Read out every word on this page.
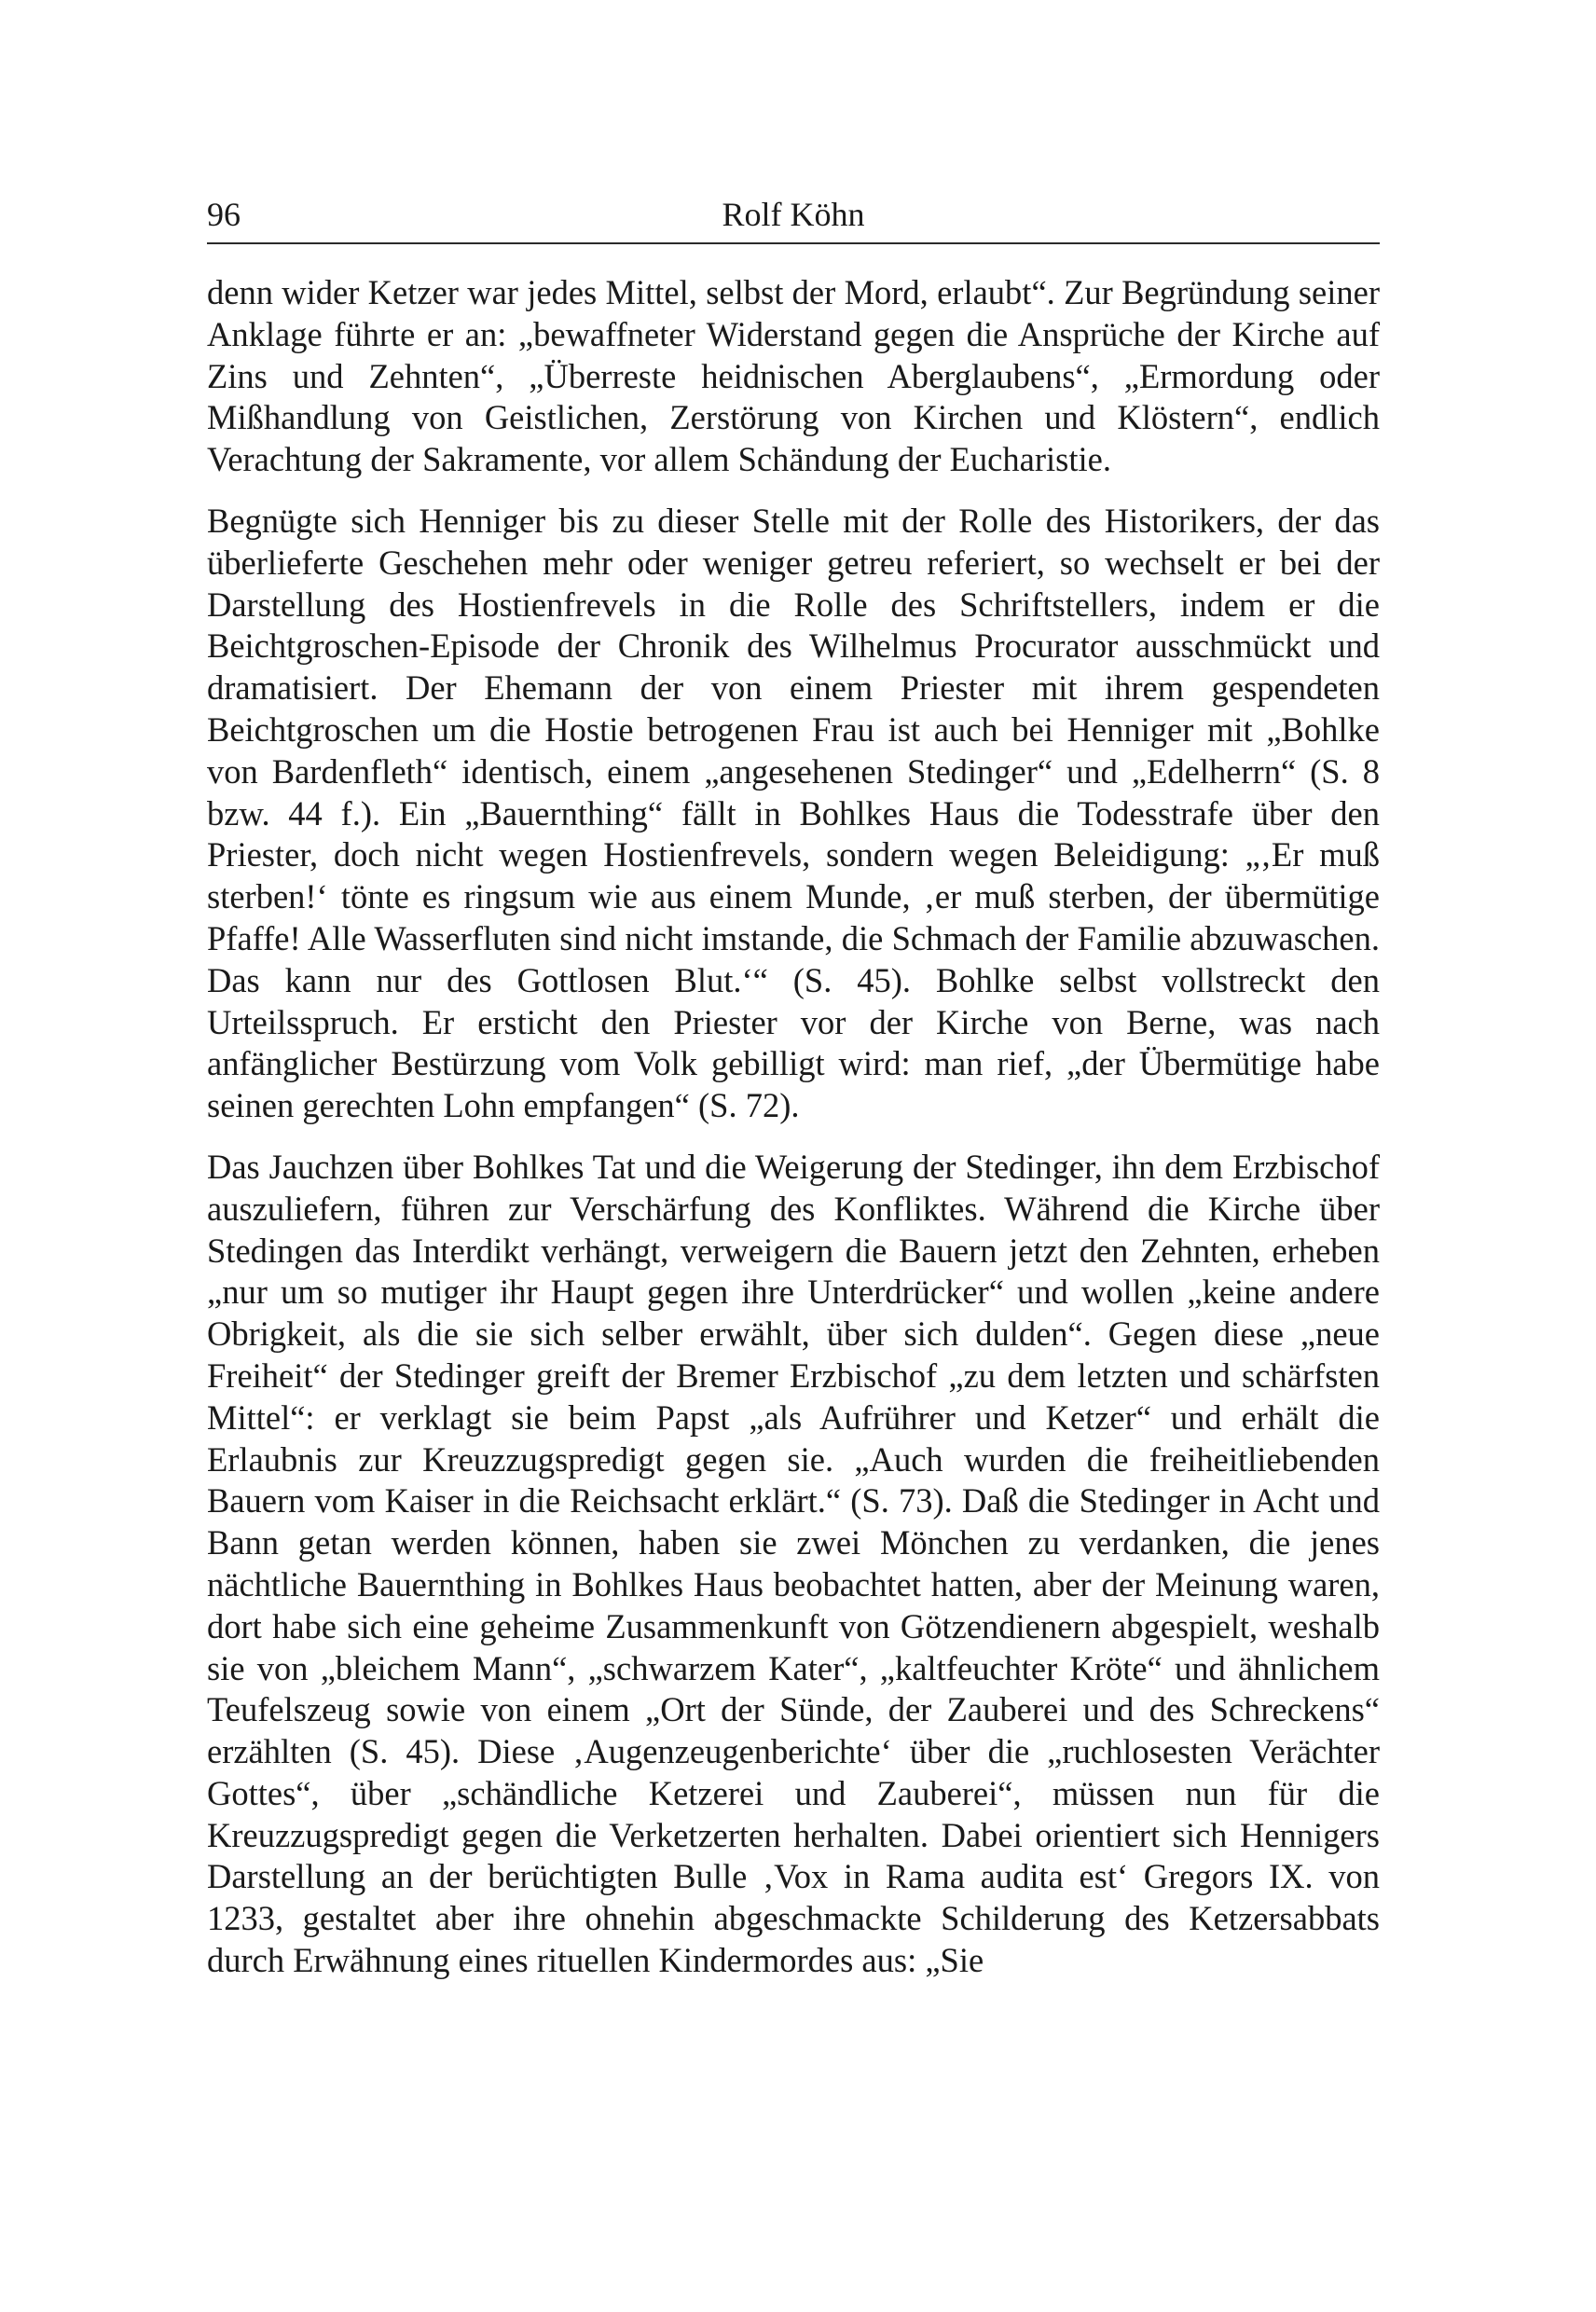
96	Rolf Köhn

denn wider Ketzer war jedes Mittel, selbst der Mord, erlaubt“. Zur Begründung seiner Anklage führte er an: „bewaffneter Widerstand gegen die Ansprüche der Kirche auf Zins und Zehnten“, „Überreste heidnischen Aberglaubens“, „Ermordung oder Mißhandlung von Geistlichen, Zerstörung von Kirchen und Klöstern“, endlich Verachtung der Sakramente, vor allem Schändung der Eucharistie.

Begnügte sich Henniger bis zu dieser Stelle mit der Rolle des Historikers, der das überlieferte Geschehen mehr oder weniger getreu referiert, so wechselt er bei der Darstellung des Hostienfrevels in die Rolle des Schriftstellers, indem er die Beichtgroschen-Episode der Chronik des Wilhelmus Procurator ausschmückt und dramatisiert. Der Ehemann der von einem Priester mit ihrem gespendeten Beichtgroschen um die Hostie betrogenen Frau ist auch bei Henniger mit „Bohlke von Bardenfleth“ identisch, einem „angesehenen Stedinger“ und „Edelherrn“ (S. 8 bzw. 44 f.). Ein „Bauernthing“ fällt in Bohlkes Haus die Todesstrafe über den Priester, doch nicht wegen Hostienfrevels, sondern wegen Beleidigung: „‚Er muß sterben!‘ tönte es ringsum wie aus einem Munde, ‚er muß sterben, der übermütige Pfaffe! Alle Wasserfluten sind nicht imstande, die Schmach der Familie abzuwaschen. Das kann nur des Gottlosen Blut.‘“ (S. 45). Bohlke selbst vollstreckt den Urteilsspruch. Er ersticht den Priester vor der Kirche von Berne, was nach anfänglicher Bestürzung vom Volk gebilligt wird: man rief, „der Übermütige habe seinen gerechten Lohn empfangen“ (S. 72).

Das Jauchzen über Bohlkes Tat und die Weigerung der Stedinger, ihn dem Erzbischof auszuliefern, führen zur Verschärfung des Konfliktes. Während die Kirche über Stedingen das Interdikt verhängt, verweigern die Bauern jetzt den Zehnten, erheben „nur um so mutiger ihr Haupt gegen ihre Unterdrücker“ und wollen „keine andere Obrigkeit, als die sie sich selber erwählt, über sich dulden“. Gegen diese „neue Freiheit“ der Stedinger greift der Bremer Erzbischof „zu dem letzten und schärfsten Mittel“: er verklagt sie beim Papst „als Aufrührer und Ketzer“ und erhält die Erlaubnis zur Kreuzzugspredigt gegen sie. „Auch wurden die freiheitliebenden Bauern vom Kaiser in die Reichsacht erklärt.“ (S. 73). Daß die Stedinger in Acht und Bann getan werden können, haben sie zwei Mönchen zu verdanken, die jenes nächtliche Bauernthing in Bohlkes Haus beobachtet hatten, aber der Meinung waren, dort habe sich eine geheime Zusammenkunft von Götzendienern abgespielt, weshalb sie von „bleichem Mann“, „schwarzem Kater“, „kaltfeuchter Kröte“ und ähnlichem Teufelszeug sowie von einem „Ort der Sünde, der Zauberei und des Schreckens“ erzählten (S. 45). Diese ‚Augenzeugenberichte‘ über die „ruchlosesten Verächter Gottes“, über „schändliche Ketzerei und Zauberei“, müssen nun für die Kreuzzugspredigt gegen die Verketzerten herhalten. Dabei orientiert sich Hennigers Darstellung an der berüchtigten Bulle ‚Vox in Rama audita est‘ Gregors IX. von 1233, gestaltet aber ihre ohnehin abgeschmackte Schilderung des Ketzersabbats durch Erwähnung eines rituellen Kindermordes aus: „Sie
